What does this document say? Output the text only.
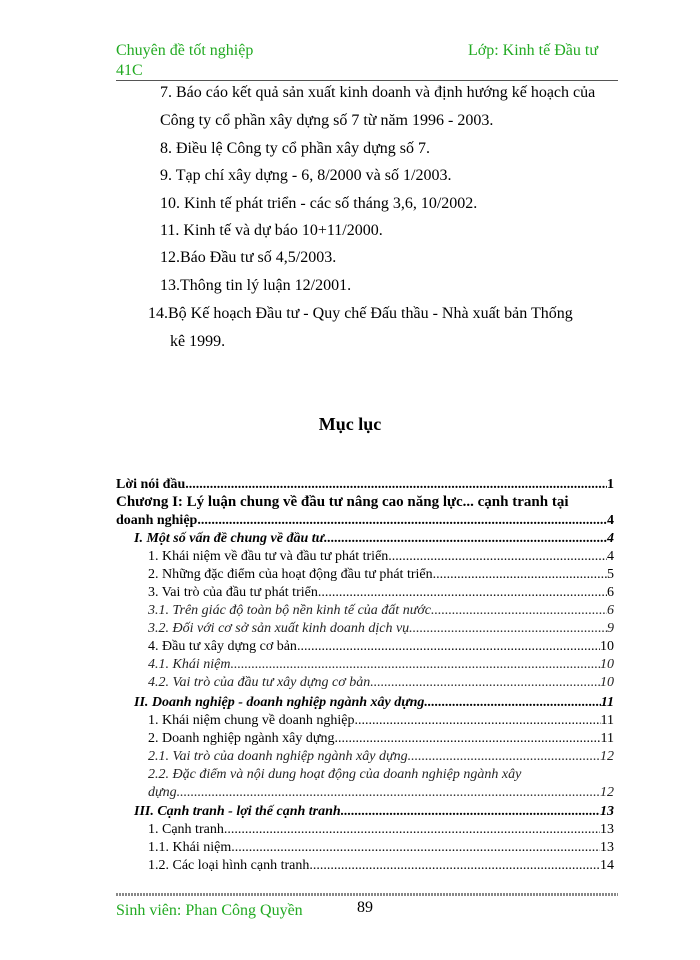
Chuyên đề tốt nghiệp
41C
Lớp: Kinh tế Đầu tư
7. Báo cáo kết quả sản xuất kinh doanh và định hướng kế hoạch của
Công ty cổ phần xây dựng số 7 từ năm 1996 - 2003.
8. Điều lệ Công ty cổ phần xây dựng số 7.
9. Tạp chí xây dựng - 6, 8/2000 và số 1/2003.
10. Kinh tế phát triển - các số tháng 3,6, 10/2002.
11. Kinh tế và dự báo 10+11/2000.
12.Báo Đầu tư số 4,5/2003.
13.Thông tin lý luận 12/2001.
14.Bộ Kế hoạch Đầu tư - Quy chế Đấu thầu - Nhà xuất bản Thống
kê 1999.
Mục lục
Lời nói đầu .....	1
Chương I: Lý luận chung về đầu tư nâng cao năng lực... cạnh tranh tại
doanh nghiệp .....	4
I. Một số vấn đề chung về đầu tư .....	4
1. Khái niệm về đầu tư và đầu tư phát triển .....	4
2. Những đặc điểm của hoạt động đầu tư phát triển. .....	5
3. Vai trò của đầu tư phát triển .....	6
3.1. Trên giác độ toàn bộ nền kinh tế của đất nước .....	6
3.2. Đối với cơ sở sản xuất kinh doanh dịch vụ .....	9
4. Đầu tư xây dựng cơ bản .....	10
4.1. Khái niệm .....	10
4.2. Vai trò của đầu tư xây dựng cơ bản .....	10
II. Doanh nghiệp - doanh nghiệp ngành xây dựng .....	11
1. Khái niệm chung về doanh nghiệp .....	11
2. Doanh nghiệp ngành xây dựng .....	11
2.1. Vai trò của doanh nghiệp ngành xây dựng .....	12
2.2. Đặc điểm và nội dung hoạt động của doanh nghiệp ngành xây
dựng .....	12
III. Cạnh tranh - lợi thế cạnh tranh .....	13
1. Cạnh tranh .....	13
1.1. Khái niệm .....	13
1.2. Các loại hình cạnh tranh .....	14
Sinh viên: Phan Công Quyền	89
